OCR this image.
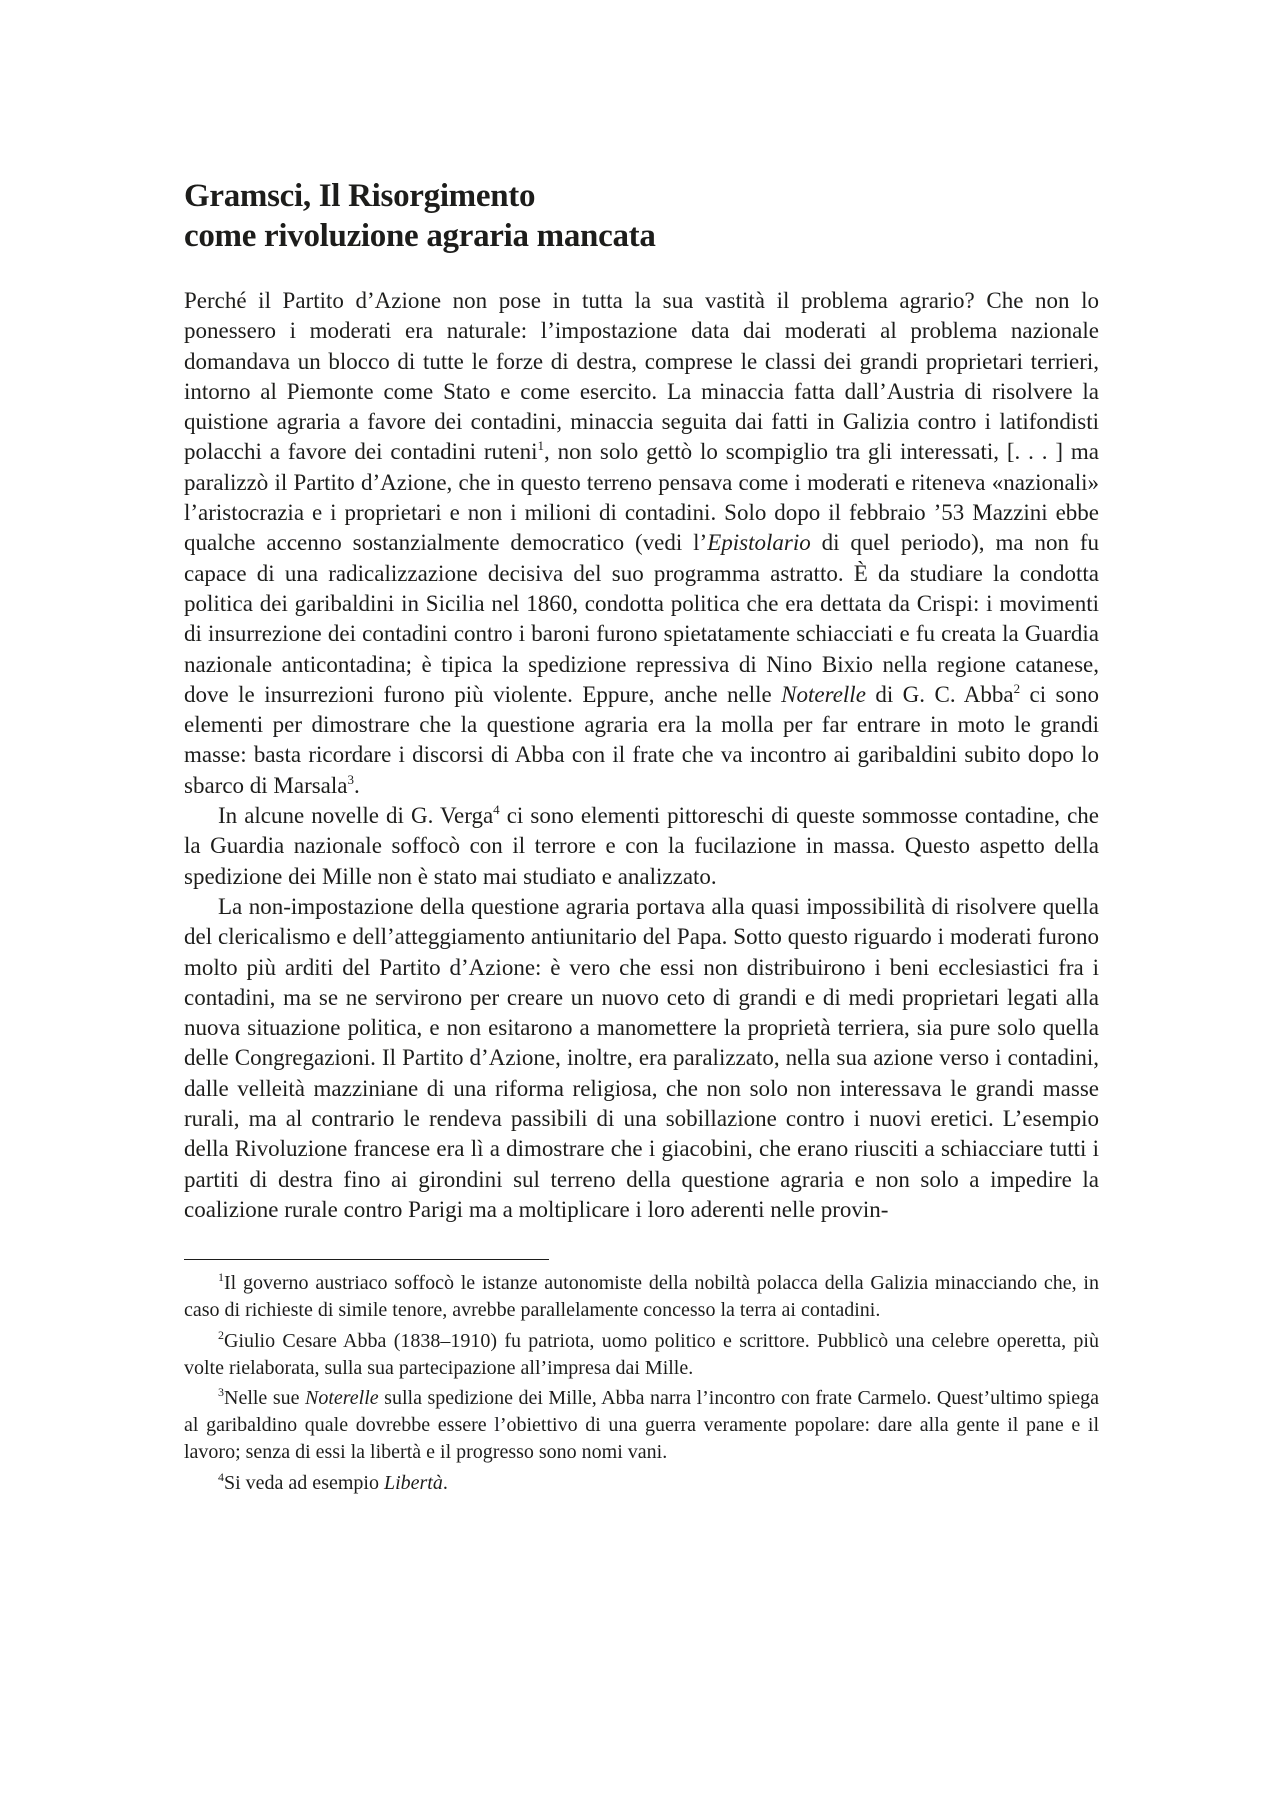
Gramsci, Il Risorgimento
come rivoluzione agraria mancata

Perché il Partito d’Azione non pose in tutta la sua vastità il problema agrario? Che non lo ponessero i moderati era naturale: l’impostazione data dai moderati al problema nazionale domandava un blocco di tutte le forze di destra, comprese le classi dei grandi proprietari terrieri, intorno al Piemonte come Stato e come esercito. La minaccia fatta dall’Austria di risolvere la quistione agraria a favore dei contadini, minaccia seguita dai fatti in Galizia contro i latifondisti polacchi a favore dei contadini ruteni$^1$, non solo gettò lo scompiglio tra gli interessati, [. . . ] ma paralizzò il Partito d’Azione, che in questo terreno pensava come i moderati e riteneva «nazionali» l’aristocrazia e i proprietari e non i milioni di contadini. Solo dopo il febbraio ’53 Mazzini ebbe qualche accenno sostanzialmente democratico (vedi l’Epistolario di quel periodo), ma non fu capace di una radicalizzazione decisiva del suo programma astratto. È da studiare la condotta politica dei garibaldini in Sicilia nel 1860, condotta politica che era dettata da Crispi: i movimenti di insurrezione dei contadini contro i baroni furono spietatamente schiacciati e fu creata la Guardia nazionale anticontadina; è tipica la spedizione repressiva di Nino Bixio nella regione catanese, dove le insurrezioni furono più violente. Eppure, anche nelle Noterelle di G. C. Abba$^2$ ci sono elementi per dimostrare che la questione agraria era la molla per far entrare in moto le grandi masse: basta ricordare i discorsi di Abba con il frate che va incontro ai garibaldini subito dopo lo sbarco di Marsala$^3$.

In alcune novelle di G. Verga$^4$ ci sono elementi pittoreschi di queste sommosse contadine, che la Guardia nazionale soffocò con il terrore e con la fucilazione in massa. Questo aspetto della spedizione dei Mille non è stato mai studiato e analizzato.

La non-impostazione della questione agraria portava alla quasi impossibilità di risolvere quella del clericalismo e dell’atteggiamento antiunitario del Papa. Sotto questo riguardo i moderati furono molto più arditi del Partito d’Azione: è vero che essi non distribuirono i beni ecclesiastici fra i contadini, ma se ne servirono per creare un nuovo ceto di grandi e di medi proprietari legati alla nuova situazione politica, e non esitarono a manomettere la proprietà terriera, sia pure solo quella delle Congregazioni. Il Partito d’Azione, inoltre, era paralizzato, nella sua azione verso i contadini, dalle velleità mazziniane di una riforma religiosa, che non solo non interessava le grandi masse rurali, ma al contrario le rendeva passibili di una sobillazione contro i nuovi eretici. L’esempio della Rivoluzione francese era lì a dimostrare che i giacobini, che erano riusciti a schiacciare tutti i partiti di destra fino ai girondini sul terreno della questione agraria e non solo a impedire la coalizione rurale contro Parigi ma a moltiplicare i loro aderenti nelle provin-

$^1$Il governo austriaco soffocò le istanze autonomiste della nobiltà polacca della Galizia minacciando che, in caso di richieste di simile tenore, avrebbe parallelamente concesso la terra ai contadini.

$^2$Giulio Cesare Abba (1838–1910) fu patriota, uomo politico e scrittore. Pubblicò una celebre operetta, più volte rielaborata, sulla sua partecipazione all’impresa dai Mille.

$^3$Nelle sue Noterelle sulla spedizione dei Mille, Abba narra l’incontro con frate Carmelo. Quest’ultimo spiega al garibaldino quale dovrebbe essere l’obiettivo di una guerra veramente popolare: dare alla gente il pane e il lavoro; senza di essi la libertà e il progresso sono nomi vani.

$^4$Si veda ad esempio Libertà.
